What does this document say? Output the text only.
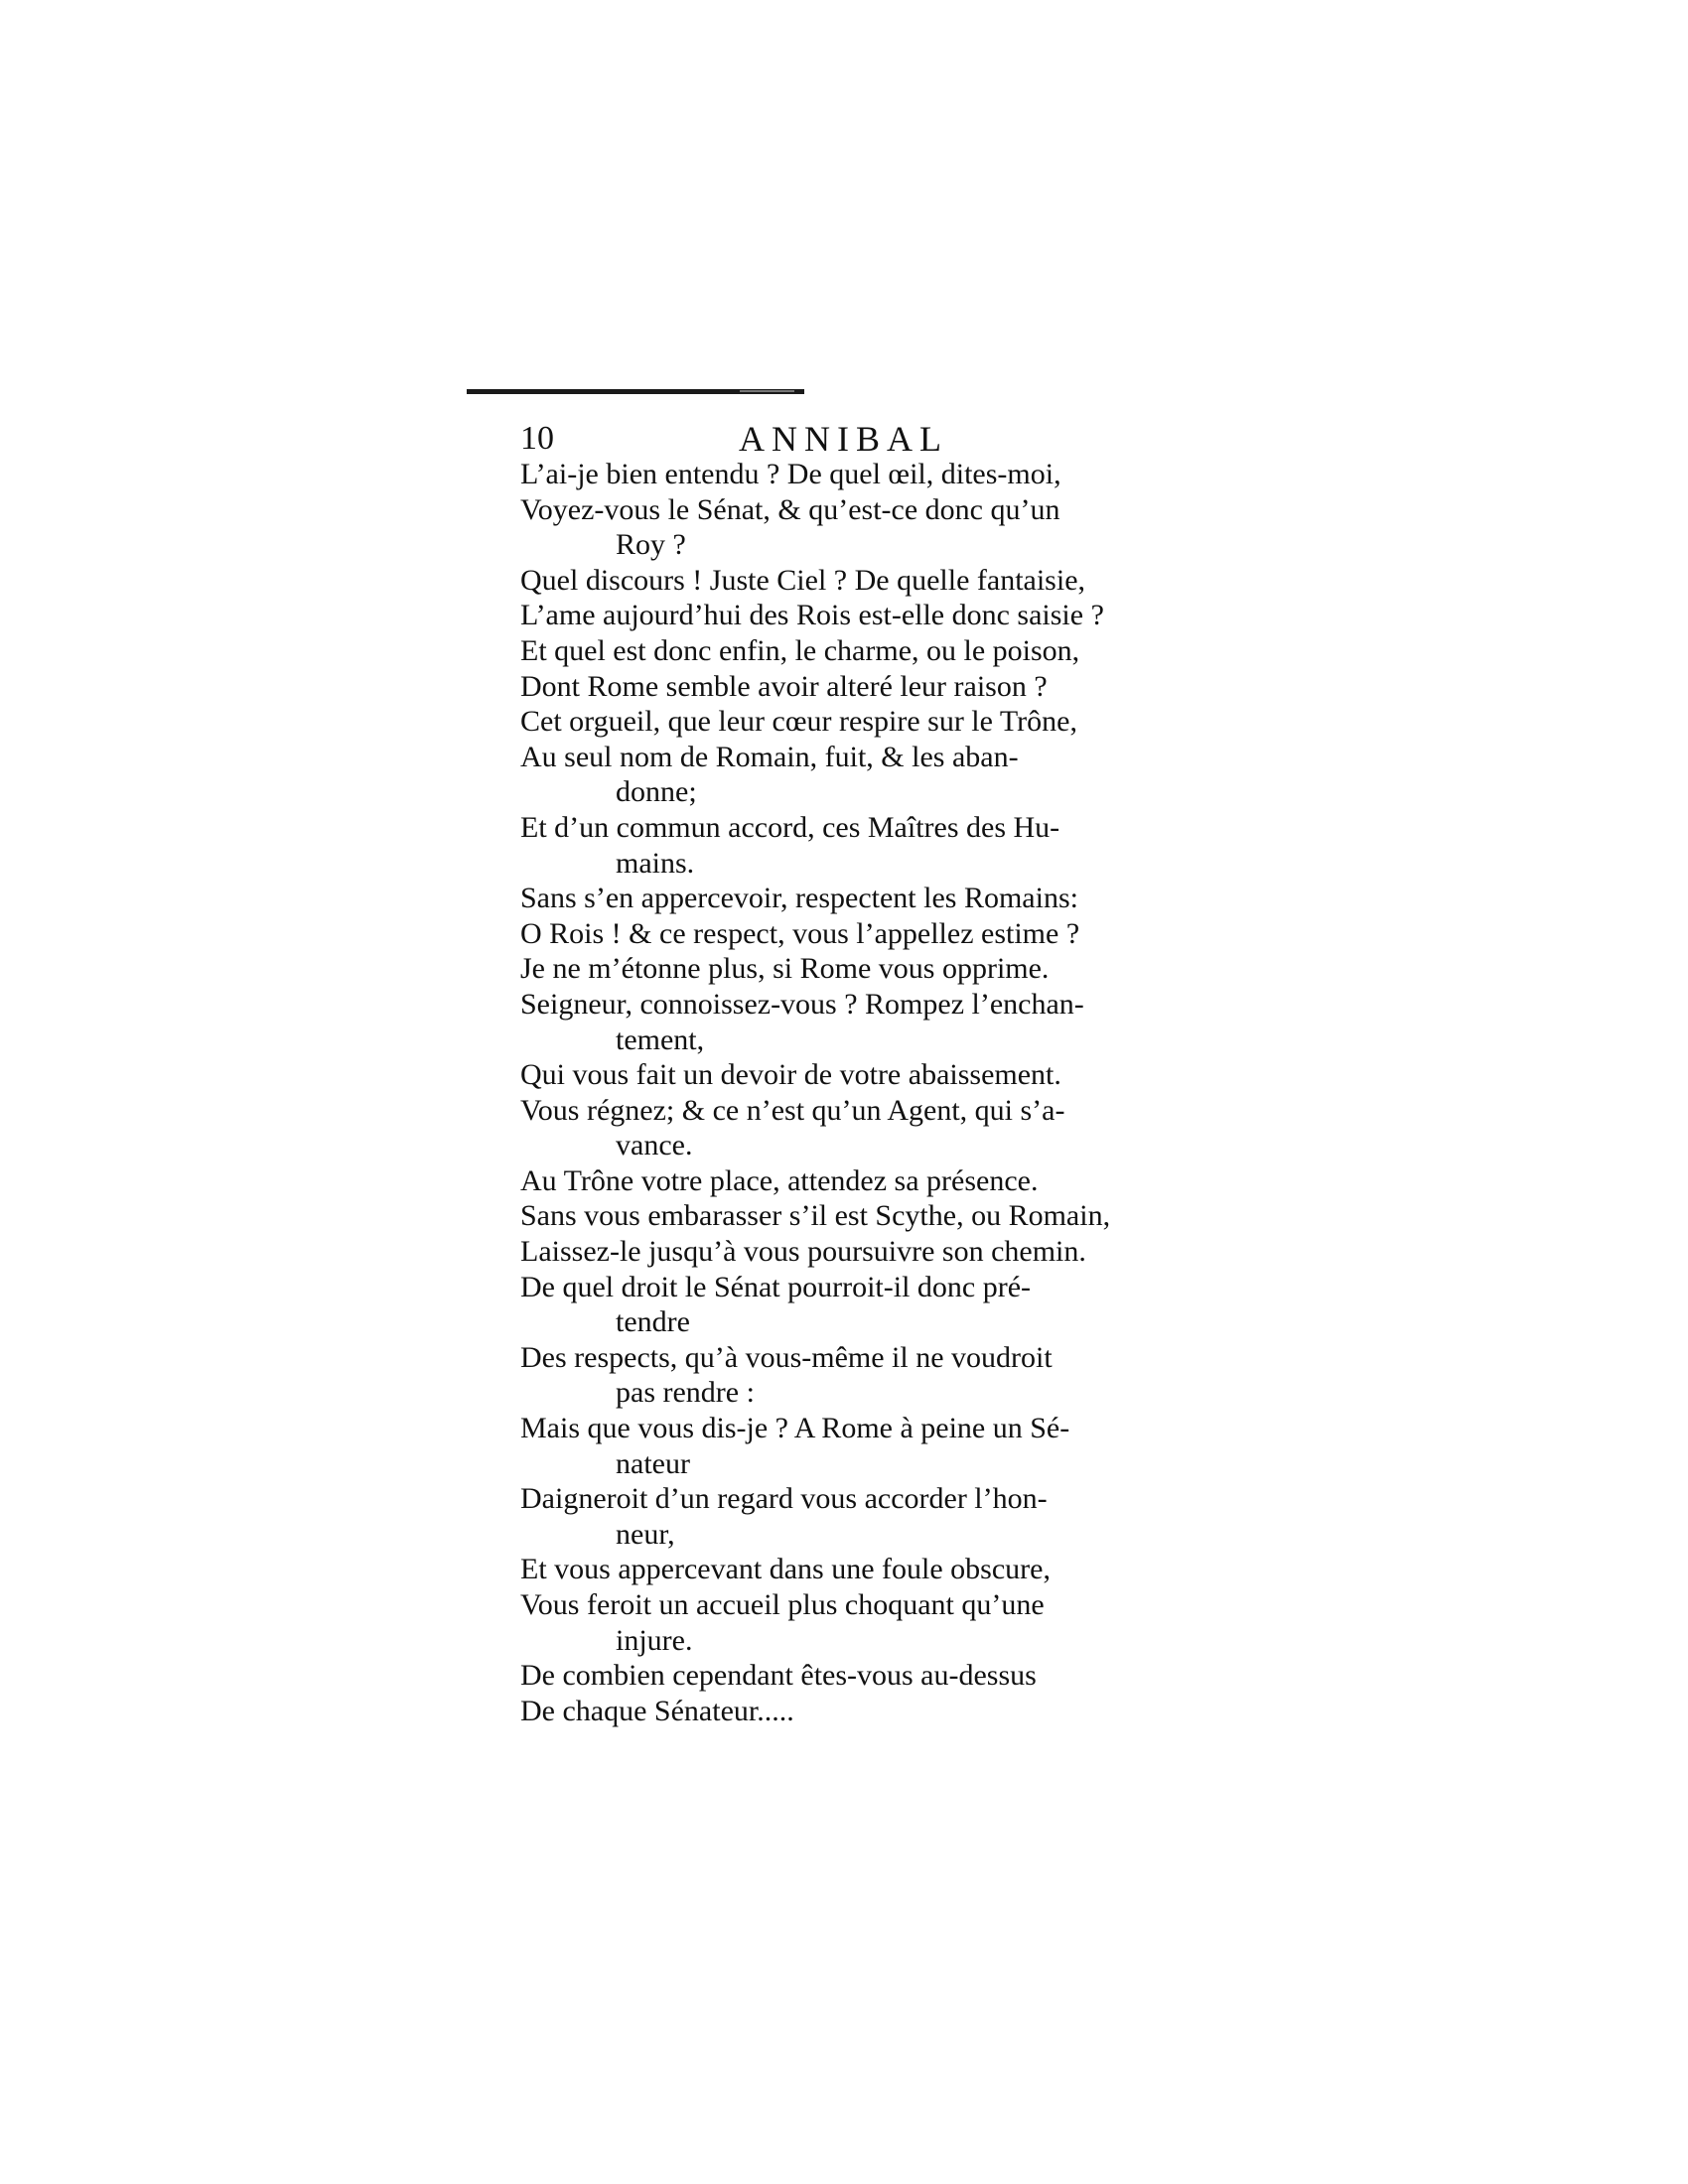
10	ANNIBAL
L’ai-je bien entendu ? De quel œil, dites-moi,
Voyez-vous le Sénat, & qu’est-ce donc qu’un
Roy ?
Quel discours ! Juste Ciel ? De quelle fantaisie,
L’ame aujourd’hui des Rois est-elle donc saisie ?
Et quel est donc enfin, le charme, ou le poison,
Dont Rome semble avoir alteré leur raison ?
Cet orgueil, que leur cœur respire sur le Trône,
Au seul nom de Romain, fuit, & les aban-
donne;
Et d’un commun accord, ces Maîtres des Hu-
mains.
Sans s’en appercevoir, respectent les Romains:
O Rois ! & ce respect, vous l’appellez estime ?
Je ne m’étonne plus, si Rome vous opprime.
Seigneur, connoissez-vous ? Rompez l’enchan-
tement,
Qui vous fait un devoir de votre abaissement.
Vous régnez; & ce n’est qu’un Agent, qui s’a-
vance.
Au Trône votre place, attendez sa présence.
Sans vous embarasser s’il est Scythe, ou Romain,
Laissez-le jusqu’à vous poursuivre son chemin.
De quel droit le Sénat pourroit-il donc pré-
tendre
Des respects, qu’à vous-même il ne voudroit
pas rendre :
Mais que vous dis-je ? A Rome à peine un Sé-
nateur
Daigneroit d’un regard vous accorder l’hon-
neur,
Et vous appercevant dans une foule obscure,
Vous feroit un accueil plus choquant qu’une
injure.
De combien cependant êtes-vous au-dessus
De chaque Sénateur.....
